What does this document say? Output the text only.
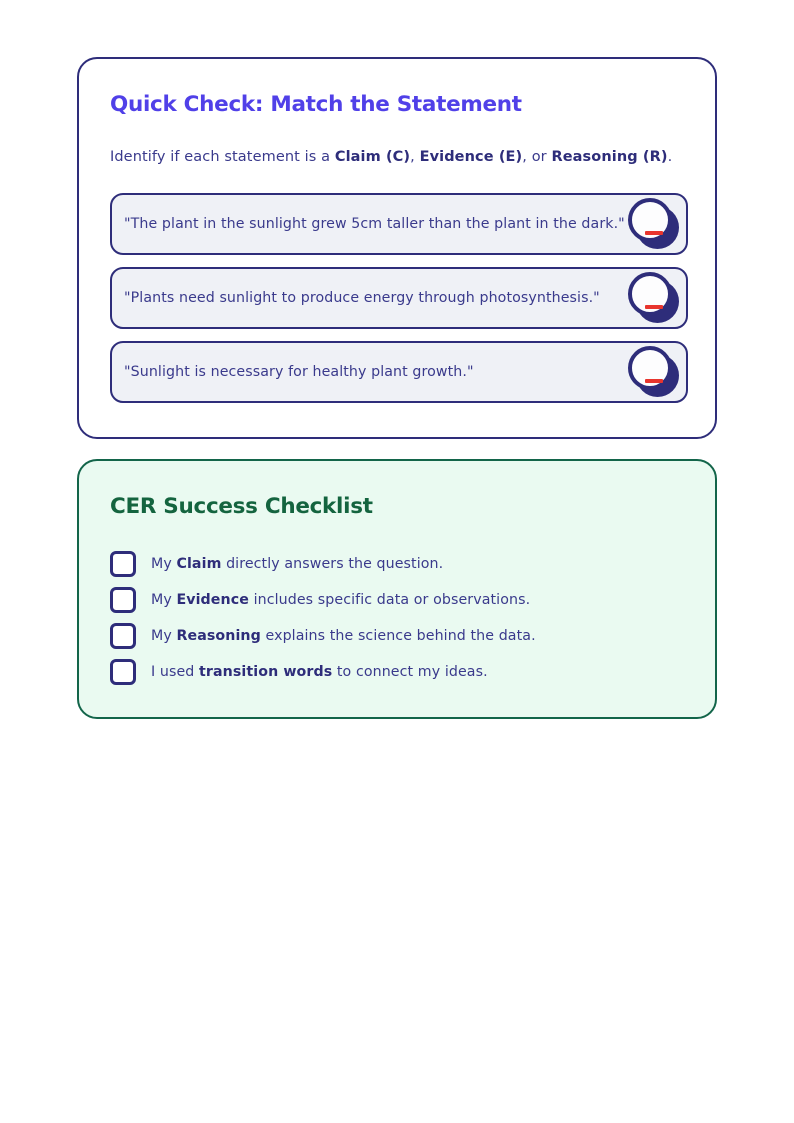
Quick Check: Match the Statement

Identify if each statement is a Claim (C), Evidence (E), or Reasoning (R).

"The plant in the sunlight grew 5cm taller than the plant in the dark."
"Plants need sunlight to produce energy through photosynthesis."
"Sunlight is necessary for healthy plant growth."
CER Success Checklist
My Claim directly answers the question.
My Evidence includes specific data or observations.
My Reasoning explains the science behind the data.
I used transition words to connect my ideas.
